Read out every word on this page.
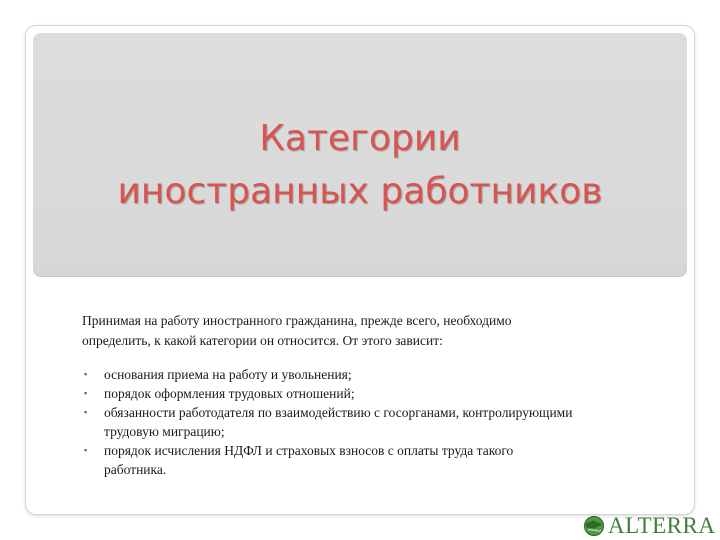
Категории
иностранных работников

Принимая на работу иностранного гражданина, прежде всего, необходимо
определить, к какой категории он относится. От этого зависит:

▪ основания приема на работу и увольнения;
▪ порядок оформления трудовых отношений;
▪ обязанности работодателя по взаимодействию с госорганами, контролирующими
трудовую миграцию;
▪ порядок исчисления НДФЛ и страховых взносов с оплаты труда такого
работника.
ALTERRA
